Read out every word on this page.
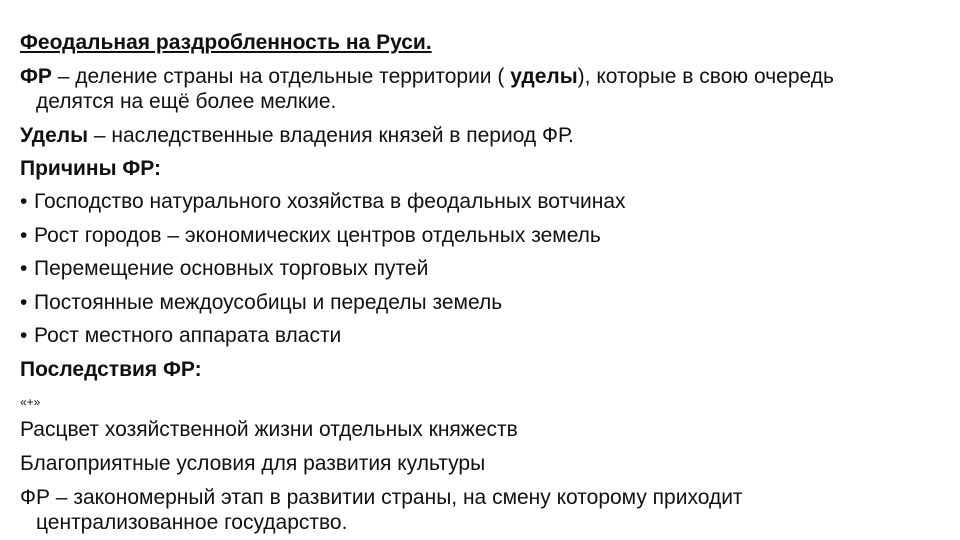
Феодальная раздробленность на Руси.
ФР – деление страны на отдельные территории ( уделы), которые в свою очередь
делятся на ещё более мелкие.
Уделы – наследственные владения князей в период ФР.
Причины ФР:
• Господство натурального хозяйства в феодальных вотчинах
• Рост городов – экономических центров отдельных земель
• Перемещение основных торговых путей
• Постоянные междоусобицы и переделы земель
• Рост местного аппарата власти
Последствия ФР:
«+»
Расцвет хозяйственной жизни отдельных княжеств
Благоприятные условия для развития культуры
ФР – закономерный этап в развитии страны, на смену которому приходит
централизованное государство.
